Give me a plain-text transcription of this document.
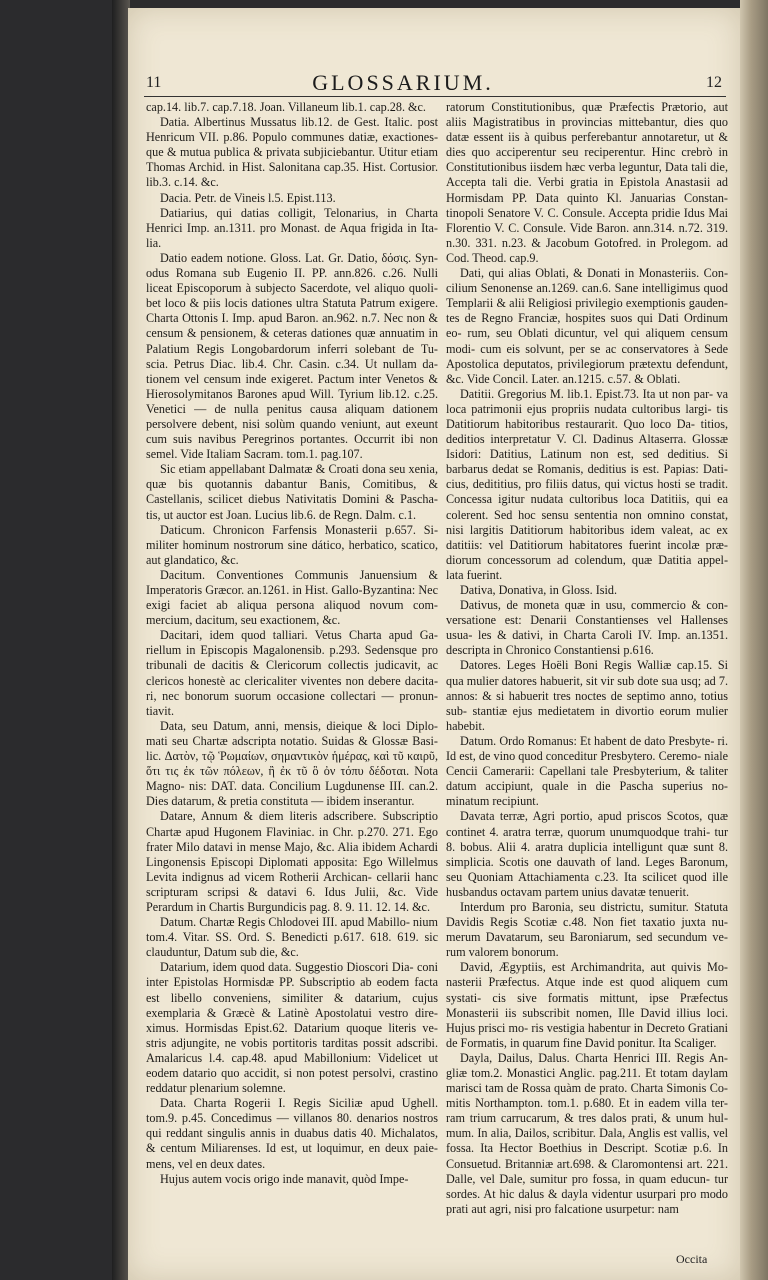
11	GLOSSARIUM.	12

cap.14. lib.7. cap.7.18. Joan. Villaneum lib.1. cap.28. &c.

Datia. Albertinus Mussatus lib.12. de Gest. Italic. post Henricum VII. p.86. Populo communes datiæ, exactiones- que & mutua publica & privata subjiciebantur. Utitur etiam Thomas Archid. in Hist. Salonitana cap.35. Hist. Cortusior. lib.3. c.14. &c.

Dacia. Petr. de Vineis l.5. Epist.113.

Datiarius, qui datias colligit, Telonarius, in Charta Henrici Imp. an.1311. pro Monast. de Aqua frigida in Ita- lia.

Datio eadem notione. Gloss. Lat. Gr. Datio, δόσις. Syn- odus Romana sub Eugenio II. PP. ann.826. c.26. Nulli liceat Episcoporum à subjecto Sacerdote, vel aliquo quoli- bet loco & piis locis dationes ultra Statuta Patrum exigere. Charta Ottonis I. Imp. apud Baron. an.962. n.7. Nec non & censum & pensionem, & ceteras dationes quæ annuatim in Palatium Regis Longobardorum inferri solebant de Tu- scia. Petrus Diac. lib.4. Chr. Casin. c.34. Ut nullam da- tionem vel censum inde exigeret. Pactum inter Venetos & Hierosolymitanos Barones apud Will. Tyrium lib.12. c.25. Venetici — de nulla penitus causa aliquam dationem persolvere debent, nisi solùm quando veniunt, aut exeunt cum suis navibus Peregrinos portantes. Occurrit ibi non semel. Vide Italiam Sacram. tom.1. pag.107.

Sic etiam appellabant Dalmatæ & Croati dona seu xenia, quæ bis quotannis dabantur Banis, Comitibus, & Castellanis, scilicet diebus Nativitatis Domini & Pascha- tis, ut auctor est Joan. Lucius lib.6. de Regn. Dalm. c.1.

Daticum. Chronicon Farfensis Monasterii p.657. Si- militer hominum nostrorum sine dático, herbatico, scatico, aut glandatico, &c.

Dacitum. Conventiones Communis Januensium & Imperatoris Græcor. an.1261. in Hist. Gallo-Byzantina: Nec exigi faciet ab aliqua persona aliquod novum com- mercium, dacitum, seu exactionem, &c.

Dacitari, idem quod talliari. Vetus Charta apud Ga- riellum in Episcopis Magalonensib. p.293. Sedensque pro tribunali de dacitis & Clericorum collectis judicavit, ac clericos honestè ac clericaliter viventes non debere dacita- ri, nec bonorum suorum occasione collectari — pronun- tiavit.

Data, seu Datum, anni, mensis, dieique & loci Diplo- mati seu Chartæ adscripta notatio. Suidas & Glossæ Basi- lic. Δατὸν, τῷ Ῥωμαίων, σημαντικὸν ἡμέρας, καὶ τῦ καιρῦ, ὅτι τις ἐκ τῶν πόλεων, ἢ ἐκ τῦ ὃ ὀν τόπυ δέδοται. Nota Magno- nis: DAT. data. Concilium Lugdunense III. can.2. Dies datarum, & pretia constituta — ibidem inserantur.

Datare, Annum & diem literis adscribere. Subscriptio Chartæ apud Hugonem Flaviniac. in Chr. p.270. 271. Ego frater Milo datavi in mense Majo, &c. Alia ibidem Achardi Lingonensis Episcopi Diplomati apposita: Ego Willelmus Levita indignus ad vicem Rotherii Archican- cellarii hanc scripturam scripsi & datavi 6. Idus Julii, &c. Vide Perardum in Chartis Burgundicis pag. 8. 9. 11. 12. 14. &c.

Datum. Chartæ Regis Chlodovei III. apud Mabillo- nium tom.4. Vitar. SS. Ord. S. Benedicti p.617. 618. 619. sic clauduntur, Datum sub die, &c.

Datarium, idem quod data. Suggestio Dioscori Dia- coni inter Epistolas Hormisdæ PP. Subscriptio ab eodem facta est libello conveniens, similiter & datarium, cujus exemplaria & Græcè & Latinè Apostolatui vestro dire- ximus. Hormisdas Epist.62. Datarium quoque literis ve- stris adjungite, ne vobis portitoris tarditas possit adscribi. Amalaricus l.4. cap.48. apud Mabillonium: Videlicet ut eodem datario quo accidit, si non potest persolvi, crastino reddatur plenarium solemne.

Data. Charta Rogerii I. Regis Siciliæ apud Ughell. tom.9. p.45. Concedimus — villanos 80. denarios nostros qui reddant singulis annis in duabus datis 40. Michalatos, & centum Miliarenses. Id est, ut loquimur, en deux paie- mens, vel en deux dates.

Hujus autem vocis origo inde manavit, quòd Impe-

ratorum Constitutionibus, quæ Præfectis Prætorio, aut aliis Magistratibus in provincias mittebantur, dies quo datæ essent iis à quibus perferebantur annotaretur, ut & dies quo acciperentur seu reciperentur. Hinc crebrò in Constitutionibus iisdem hæc verba leguntur, Data tali die, Accepta tali die. Verbi gratia in Epistola Anastasii ad Hormisdam PP. Data quinto Kl. Januarias Constan- tinopoli Senatore V. C. Consule. Accepta pridie Idus Mai Florentio V. C. Consule. Vide Baron. ann.314. n.72. 319. n.30. 331. n.23. & Jacobum Gotofred. in Prolegom. ad Cod. Theod. cap.9.

Dati, qui alias Oblati, & Donati in Monasteriis. Con- cilium Senonense an.1269. can.6. Sane intelligimus quod Templarii & alii Religiosi privilegio exemptionis gauden- tes de Regno Franciæ, hospites suos qui Dati Ordinum eo- rum, seu Oblati dicuntur, vel qui aliquem censum modi- cum eis solvunt, per se ac conservatores à Sede Apostolica deputatos, privilegiorum prætextu defendunt, &c. Vide Concil. Later. an.1215. c.57. & Oblati.

Datitii. Gregorius M. lib.1. Epist.73. Ita ut non par- va loca patrimonii ejus propriis nudata cultoribus largi- tis Datitiorum habitoribus restaurarit. Quo loco Da- titios, deditios interpretatur V. Cl. Dadinus Altaserra. Glossæ Isidori: Datitius, Latinum non est, sed deditius. Si barbarus dedat se Romanis, deditius is est. Papias: Dati- cius, dedititius, pro filiis datus, qui victus hosti se tradit. Concessa igitur nudata cultoribus loca Datitiis, qui ea colerent. Sed hoc sensu sententia non omnino constat, nisi largitis Datitiorum habitoribus idem valeat, ac ex datitiis: vel Datitiorum habitatores fuerint incolæ præ- diorum concessorum ad colendum, quæ Datitia appel- lata fuerint.

Dativa, Donativa, in Gloss. Isid.

Dativus, de moneta quæ in usu, commercio & con- versatione est: Denarii Constantienses vel Hallenses usua- les & dativi, in Charta Caroli IV. Imp. an.1351. descripta in Chronico Constantiensi p.616.

Datores. Leges Hoëli Boni Regis Walliæ cap.15. Si qua mulier datores habuerit, sit vir sub dote sua usq; ad 7. annos: & si habuerit tres noctes de septimo anno, totius sub- stantiæ ejus medietatem in divortio eorum mulier habebit.

Datum. Ordo Romanus: Et habent de dato Presbyte- ri. Id est, de vino quod conceditur Presbytero. Ceremo- niale Cencii Camerarii: Capellani tale Presbyterium, & taliter datum accipiunt, quale in die Pascha superius no- minatum recipiunt.

Davata terræ, Agri portio, apud priscos Scotos, quæ continet 4. aratra terræ, quorum unumquodque trahi- tur 8. bobus. Alii 4. aratra duplicia intelligunt quæ sunt 8. simplicia. Scotis one dauvath of land. Leges Baronum, seu Quoniam Attachiamenta c.23. Ita scilicet quod ille husbandus octavam partem unius davatæ tenuerit.

Interdum pro Baronia, seu districtu, sumitur. Statuta Davidis Regis Scotiæ c.48. Non fiet taxatio juxta nu- merum Davatarum, seu Baroniarum, sed secundum ve- rum valorem bonorum.

David, Ægyptiis, est Archimandrita, aut quivis Mo- nasterii Præfectus. Atque inde est quod aliquem cum systati- cis sive formatis mittunt, ipse Præfectus Monasterii iis subscribit nomen, Ille David illius loci. Hujus prisci mo- ris vestigia habentur in Decreto Gratiani de Formatis, in quarum fine David ponitur. Ita Scaliger.

Dayla, Dailus, Dalus. Charta Henrici III. Regis An- gliæ tom.2. Monastici Anglic. pag.211. Et totam daylam marisci tam de Rossa quàm de prato. Charta Simonis Co- mitis Northampton. tom.1. p.680. Et in eadem villa ter- ram trium carrucarum, & tres dalos prati, & unum hul- mum. In alia, Dailos, scribitur. Dala, Anglis est vallis, vel fossa. Ita Hector Boethius in Descript. Scotiæ p.6. In Consuetud. Britanniæ art.698. & Claromontensi art. 221. Dalle, vel Dale, sumitur pro fossa, in quam educun- tur sordes. At hic dalus & dayla videntur usurpari pro modo prati aut agri, nisi pro falcatione usurpetur: nam

Occita
